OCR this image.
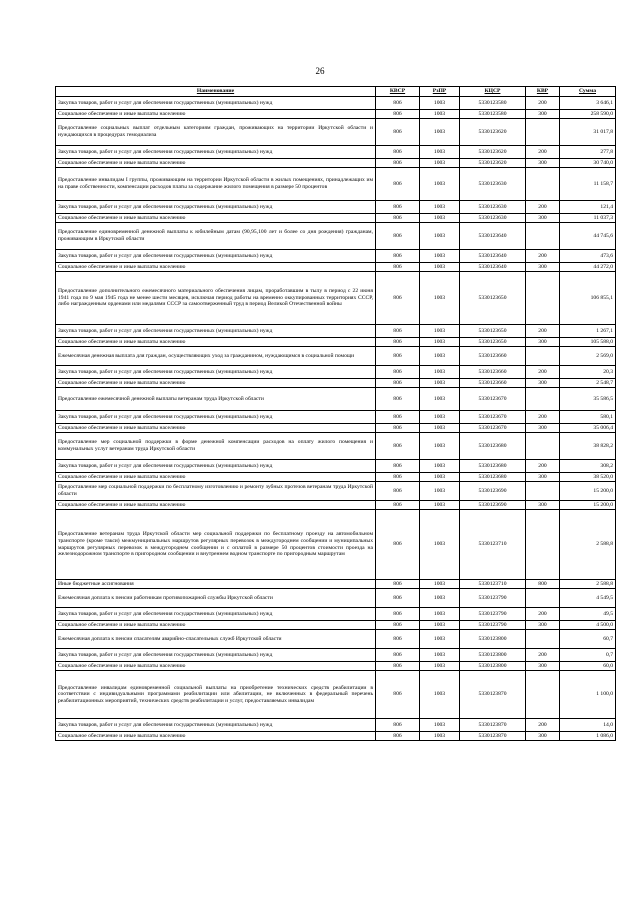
26
Наименование	КВСР	РзПР	КЦСР	КВР	Сумма
Закупка товаров, работ и услуг для обеспечения государственных (муниципальных) нужд	806	1003	5330123580	200	3 646,1
Социальное обеспечение и иные выплаты населению	806	1003	5330123580	300	258 590,0
Предоставление социальных выплат отдельным категориям граждан, проживающих на территории Иркутской области и нуждающихся в процедурах гемодиализа	806	1003	5330123620		31 017,8
Закупка товаров, работ и услуг для обеспечения государственных (муниципальных) нужд	806	1003	5330123620	200	277,8
Социальное обеспечение и иные выплаты населению	806	1003	5330123620	300	30 740,0
Предоставление инвалидам I группы, проживающим на территории Иркутской области в жилых помещениях, принадлежащих им на праве собственности, компенсации расходов платы за содержание жилого помещения в размере 50 процентов	806	1003	5330123630		11 158,7
Закупка товаров, работ и услуг для обеспечения государственных (муниципальных) нужд	806	1003	5330123630	200	121,4
Социальное обеспечение и иные выплаты населению	806	1003	5330123630	300	11 037,3
Предоставление единовременной денежной выплаты к юбилейным датам (90,95,100 лет и более со дня рождения) гражданам, проживающим в Иркутской области	806	1003	5330123640		44 745,6
Закупка товаров, работ и услуг для обеспечения государственных (муниципальных) нужд	806	1003	5330123640	200	473,6
Социальное обеспечение и иные выплаты населению	806	1003	5330123640	300	44 272,0
Предоставление дополнительного ежемесячного материального обеспечения лицам, проработавшим в тылу в период с 22 июня 1941 года по 9 мая 1945 года не менее шести месяцев, исключая период работы на временно оккупированных территориях СССР, либо награжденным орденами или медалями СССР за самоотверженный труд в период Великой Отечественной войны	806	1003	5330123650		106 855,1
Закупка товаров, работ и услуг для обеспечения государственных (муниципальных) нужд	806	1003	5330123650	200	1 267,1
Социальное обеспечение и иные выплаты населению	806	1003	5330123650	300	105 588,0
Ежемесячная денежная выплата для граждан, осуществляющих уход за гражданином, нуждающимся в социальной помощи	806	1003	5330123660		2 569,0
Закупка товаров, работ и услуг для обеспечения государственных (муниципальных) нужд	806	1003	5330123660	200	20,3
Социальное обеспечение и иные выплаты населению	806	1003	5330123660	300	2 548,7
Предоставление ежемесячной денежной выплаты ветеранам труда Иркутской области	806	1003	5330123670		35 586,5
Закупка товаров, работ и услуг для обеспечения государственных (муниципальных) нужд	806	1003	5330123670	200	580,1
Социальное обеспечение и иные выплаты населению	806	1003	5330123670	300	35 006,4
Предоставление мер социальной поддержки в форме денежной компенсации расходов на оплату жилого помещения и коммунальных услуг ветеранам труда Иркутской области	806	1003	5330123680		38 828,2
Закупка товаров, работ и услуг для обеспечения государственных (муниципальных) нужд	806	1003	5330123680	200	308,2
Социальное обеспечение и иные выплаты населению	806	1003	5330123680	300	38 520,0
Предоставление мер социальной поддержки по бесплатному изготовлению и ремонту зубных протезов ветеранам труда Иркутской области	806	1003	5330123690		15 200,0
Социальное обеспечение и иные выплаты населению	806	1003	5330123690	300	15 200,0
Предоставление ветеранам труда Иркутской области мер социальной поддержки по бесплатному проезду на автомобильном транспорте (кроме такси) межмуниципальных маршрутов регулярных перевозок в междугороднем сообщении и муниципальных маршрутов регулярных перевозок в междугороднем сообщении и с оплатой в размере 50 процентов стоимости проезда на железнодорожном транспорте в пригородном сообщении и внутреннем водном транспорте по пригородным маршрутам	806	1003	5330123710		2 588,8
Иные бюджетные ассигнования	806	1003	5330123710	800	2 588,8
Ежемесячная доплата к пенсии работникам противопожарной службы Иркутской области	806	1003	5330123790		4 549,5
Закупка товаров, работ и услуг для обеспечения государственных (муниципальных) нужд	806	1003	5330123790	200	49,5
Социальное обеспечение и иные выплаты населению	806	1003	5330123790	300	4 500,0
Ежемесячная доплата к пенсии спасателям аварийно-спасательных служб Иркутской области	806	1003	5330123800		60,7
Закупка товаров, работ и услуг для обеспечения государственных (муниципальных) нужд	806	1003	5330123800	200	0,7
Социальное обеспечение и иные выплаты населению	806	1003	5330123800	300	60,0
Предоставление инвалидам единовременной социальной выплаты на приобретение технических средств реабилитации в соответствии с индивидуальными программами реабилитации или абилитации, не включенных в федеральный перечень реабилитационных мероприятий, технических средств реабилитации и услуг, предоставляемых инвалидам	806	1003	5330123870		1 100,0
Закупка товаров, работ и услуг для обеспечения государственных (муниципальных) нужд	806	1003	5330123870	200	14,0
Социальное обеспечение и иные выплаты населению	806	1003	5330123870	300	1 086,0
